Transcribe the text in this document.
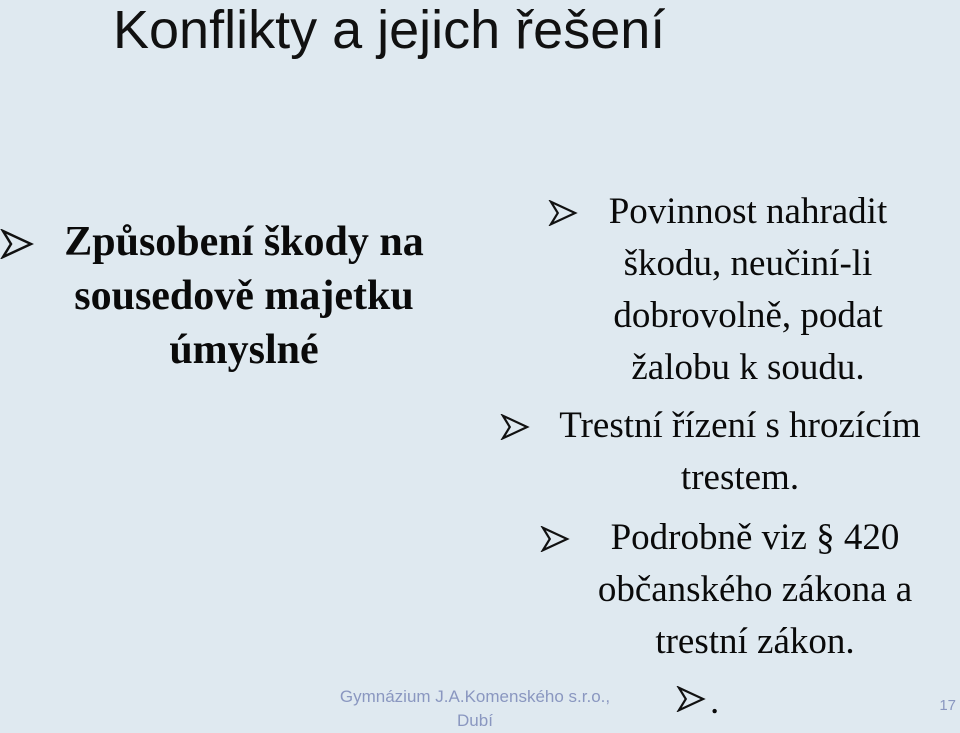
Konflikty a jejich řešení
Způsobení škody na sousedově majetku úmyslné
Povinnost nahradit škodu, neučiní-li dobrovolně, podat žalobu k soudu.
Trestní řízení s hrozícím trestem.
Podrobně viz § 420 občanského zákona a trestní zákon.
.
Gymnázium J.A.Komenského s.r.o., Dubí
17
